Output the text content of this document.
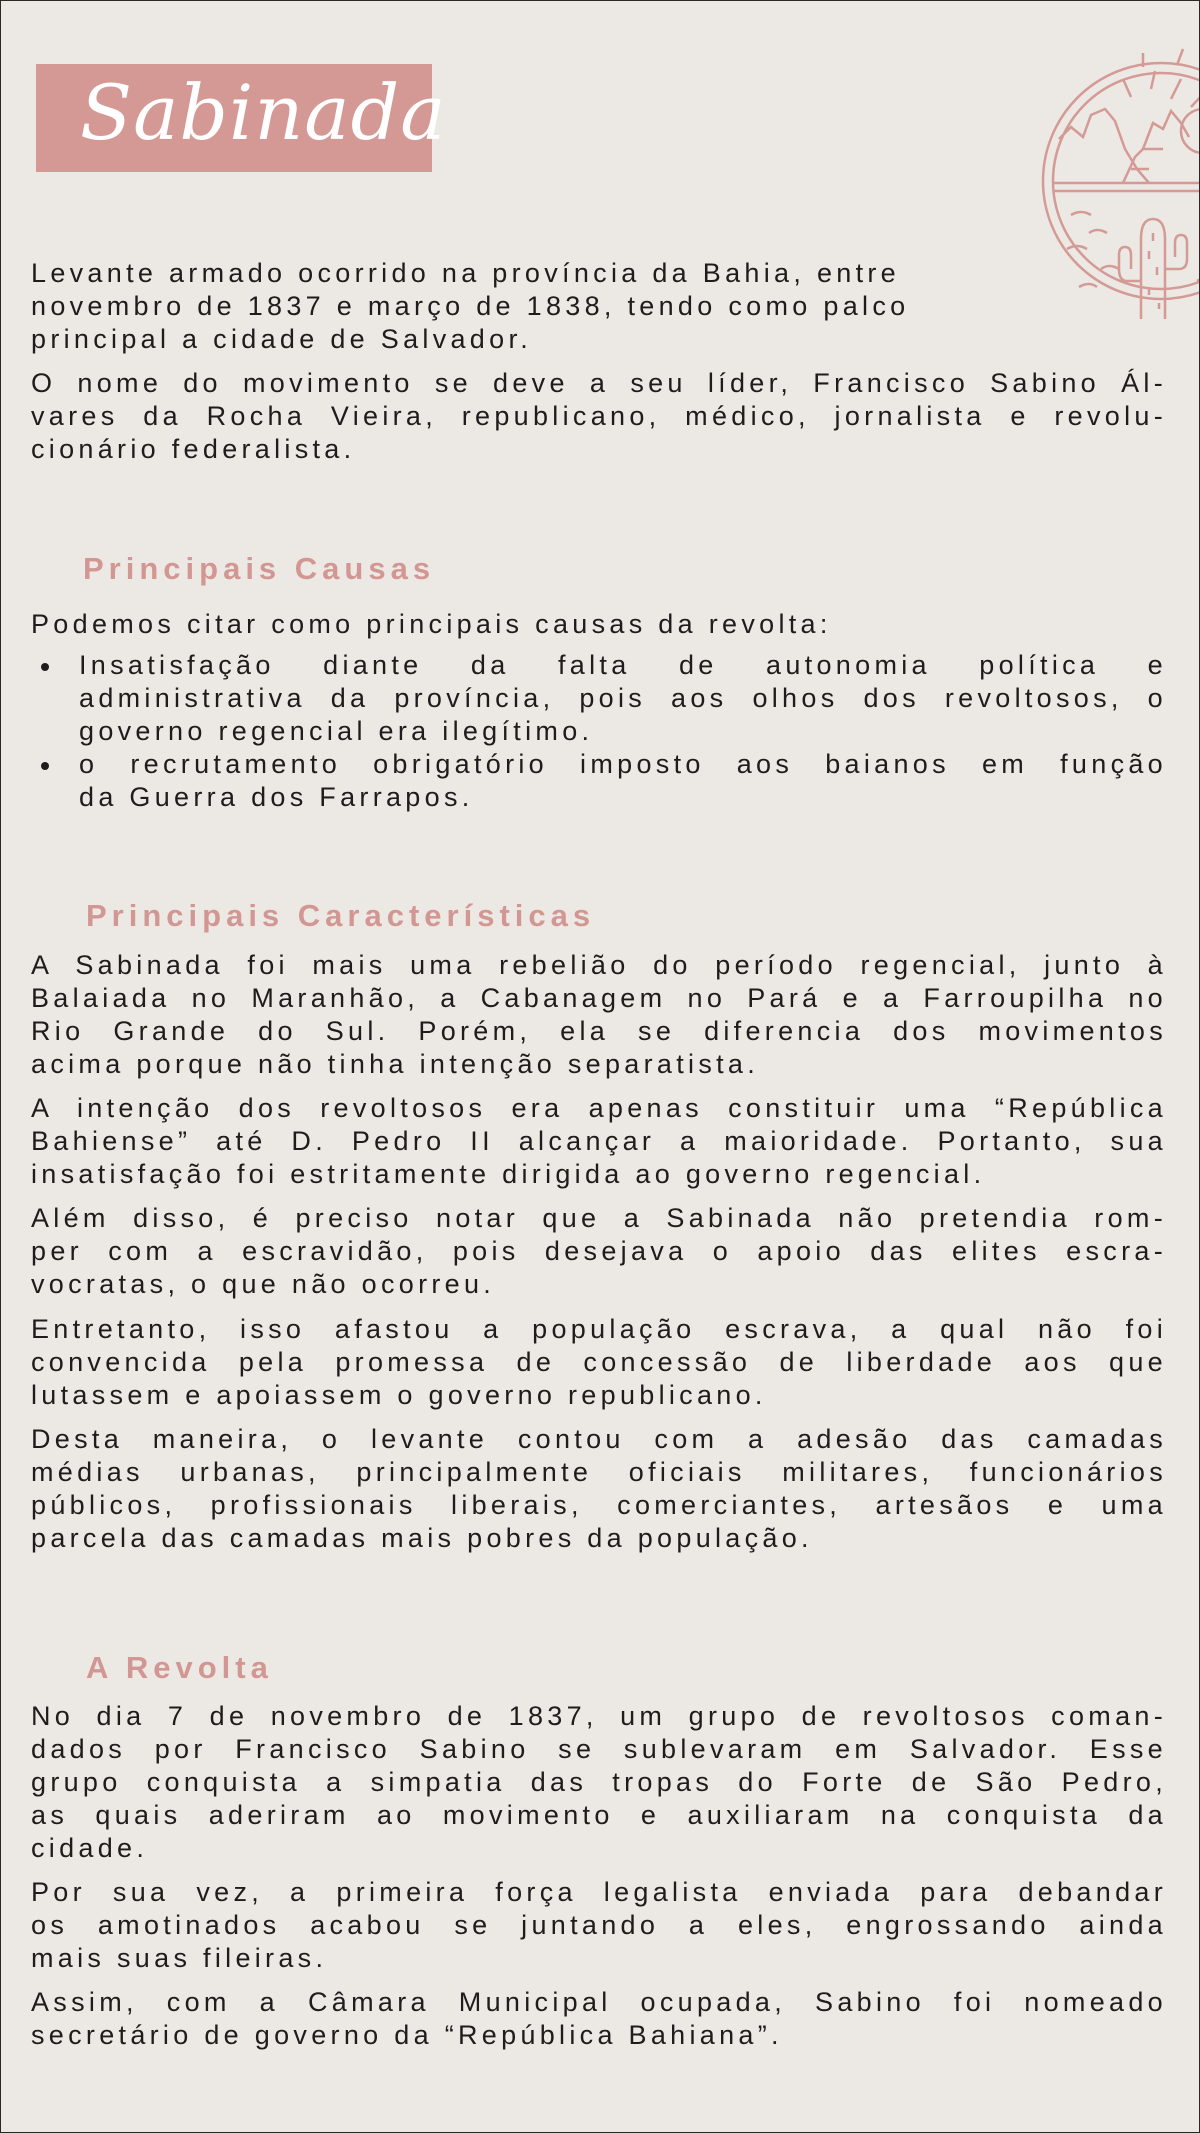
Sabinada
Levante armado ocorrido na província da Bahia, entre
novembro de 1837 e março de 1838, tendo como palco
principal a cidade de Salvador.
O nome do movimento se deve a seu líder, Francisco Sabino Ál-
vares da Rocha Vieira, republicano, médico, jornalista e revolu-
cionário federalista.
Principais Causas
Podemos citar como principais causas da revolta:
Insatisfação diante da falta de autonomia política e
administrativa da província, pois aos olhos dos revoltosos, o
governo regencial era ilegítimo.
o recrutamento obrigatório imposto aos baianos em função
da Guerra dos Farrapos.
Principais Características
A Sabinada foi mais uma rebelião do período regencial, junto à
Balaiada no Maranhão, a Cabanagem no Pará e a Farroupilha no
Rio Grande do Sul. Porém, ela se diferencia dos movimentos
acima porque não tinha intenção separatista.
A intenção dos revoltosos era apenas constituir uma “República
Bahiense” até D. Pedro II alcançar a maioridade. Portanto, sua
insatisfação foi estritamente dirigida ao governo regencial.
Além disso, é preciso notar que a Sabinada não pretendia rom-
per com a escravidão, pois desejava o apoio das elites escra-
vocratas, o que não ocorreu.
Entretanto, isso afastou a população escrava, a qual não foi
convencida pela promessa de concessão de liberdade aos que
lutassem e apoiassem o governo republicano.
Desta maneira, o levante contou com a adesão das camadas
médias urbanas, principalmente oficiais militares, funcionários
públicos, profissionais liberais, comerciantes, artesãos e uma
parcela das camadas mais pobres da população.
A Revolta
No dia 7 de novembro de 1837, um grupo de revoltosos coman-
dados por Francisco Sabino se sublevaram em Salvador. Esse
grupo conquista a simpatia das tropas do Forte de São Pedro,
as quais aderiram ao movimento e auxiliaram na conquista da
cidade.
Por sua vez, a primeira força legalista enviada para debandar
os amotinados acabou se juntando a eles, engrossando ainda
mais suas fileiras.
Assim, com a Câmara Municipal ocupada, Sabino foi nomeado
secretário de governo da “República Bahiana”.
